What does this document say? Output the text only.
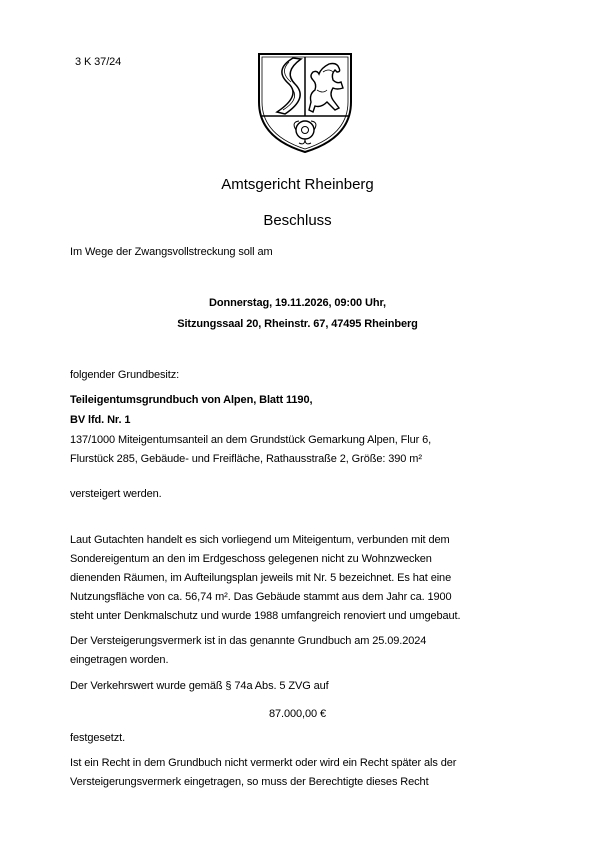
3 K 37/24
Amtsgericht Rheinberg
Beschluss
Im Wege der Zwangsvollstreckung soll am
Donnerstag, 19.11.2026, 09:00 Uhr,
Sitzungssaal 20, Rheinstr. 67, 47495 Rheinberg
folgender Grundbesitz:
Teileigentumsgrundbuch von Alpen, Blatt 1190,
BV lfd. Nr. 1
137/1000 Miteigentumsanteil an dem Grundstück Gemarkung Alpen, Flur 6,
Flurstück 285, Gebäude- und Freifläche, Rathausstraße 2, Größe: 390 m²
versteigert werden.
Laut Gutachten handelt es sich vorliegend um Miteigentum, verbunden mit dem
Sondereigentum an den im Erdgeschoss gelegenen nicht zu Wohnzwecken
dienenden Räumen, im Aufteilungsplan jeweils mit Nr. 5 bezeichnet. Es hat eine
Nutzungsfläche von ca. 56,74 m². Das Gebäude stammt aus dem Jahr ca. 1900
steht unter Denkmalschutz und wurde 1988 umfangreich renoviert und umgebaut.
Der Versteigerungsvermerk ist in das genannte Grundbuch am 25.09.2024
eingetragen worden.
Der Verkehrswert wurde gemäß § 74a Abs. 5 ZVG auf
87.000,00 €
festgesetzt.
Ist ein Recht in dem Grundbuch nicht vermerkt oder wird ein Recht später als der
Versteigerungsvermerk eingetragen, so muss der Berechtigte dieses Recht
